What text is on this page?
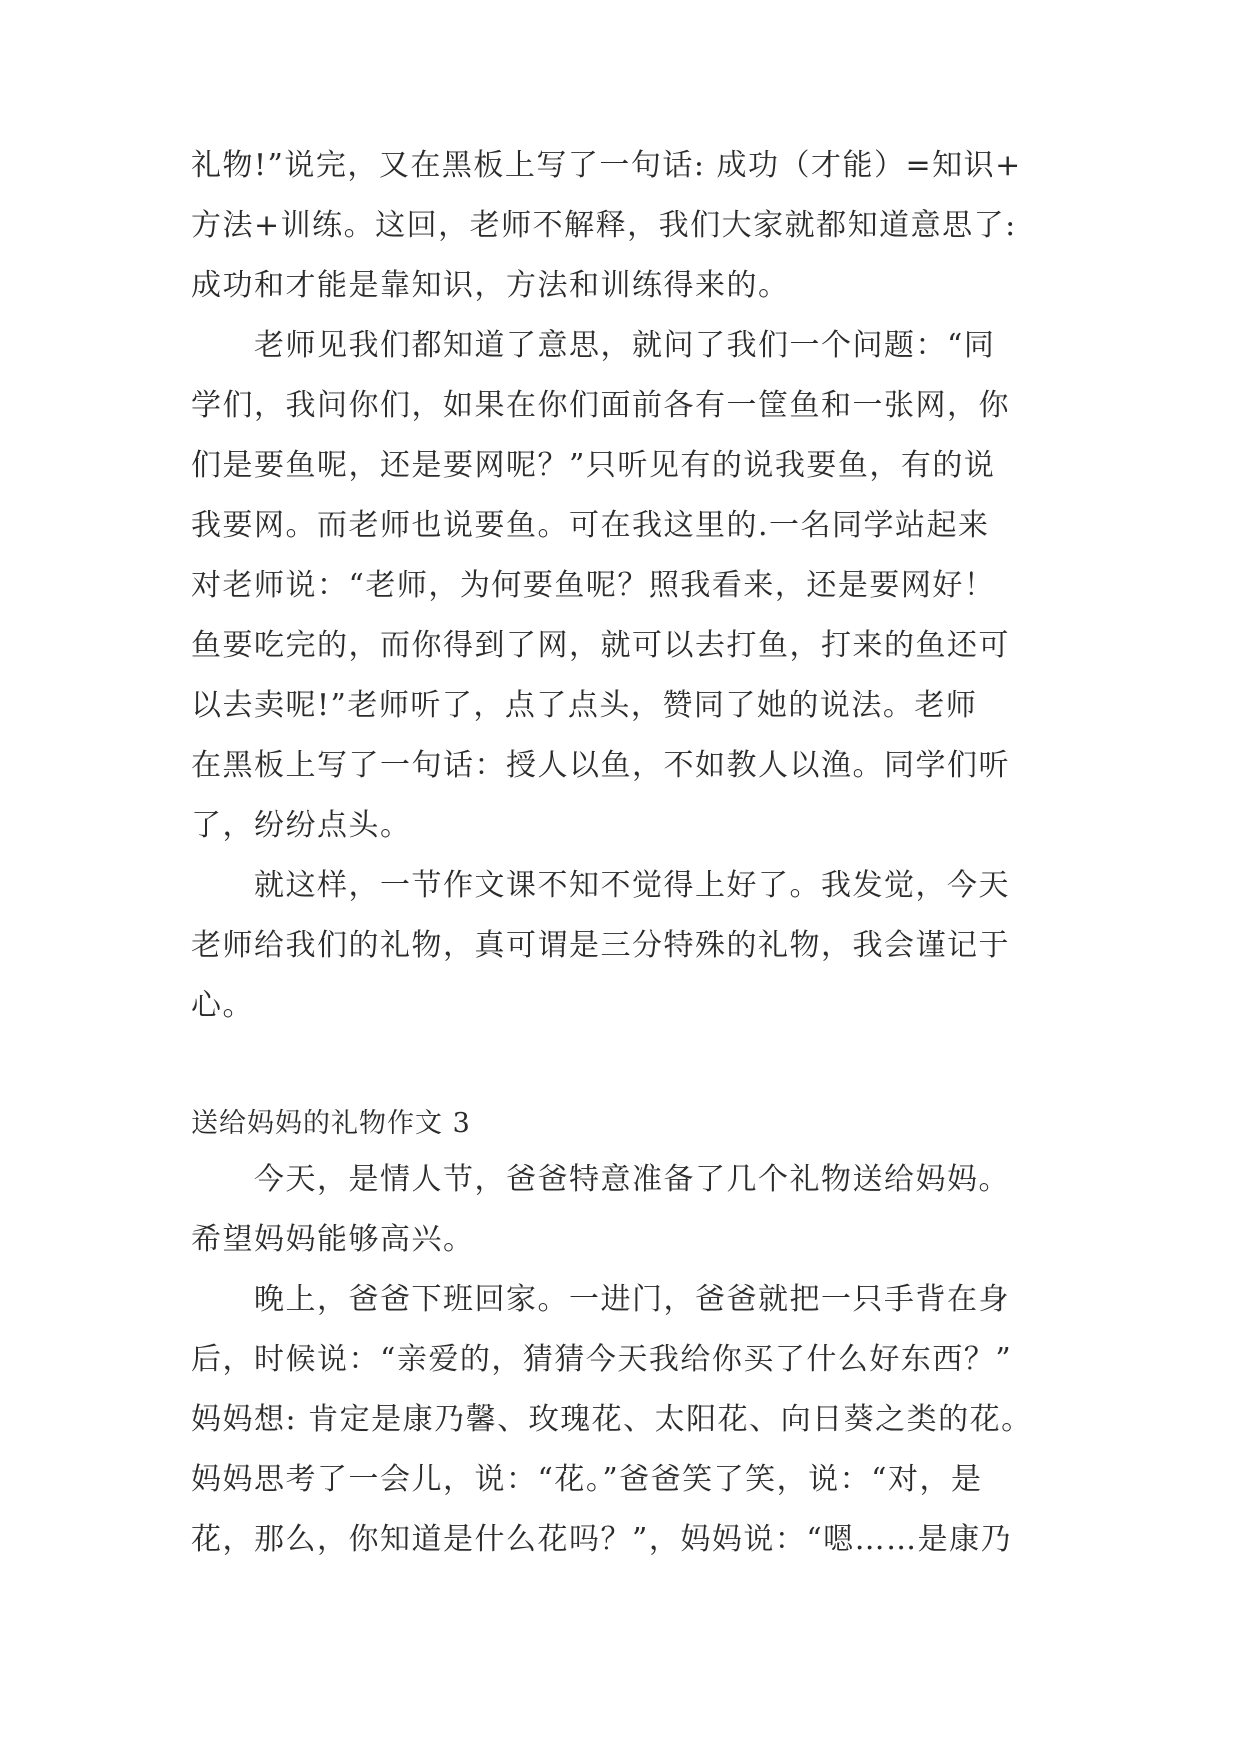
礼物!”说完，又在黑板上写了一句话: 成功（才能）=知识+
方法+训练。这回，老师不解释，我们大家就都知道意思了:
成功和才能是靠知识，方法和训练得来的。
老师见我们都知道了意思，就问了我们一个问题：“同
学们，我问你们，如果在你们面前各有一筐鱼和一张网，你
们是要鱼呢，还是要网呢？”只听见有的说我要鱼，有的说
我要网。而老师也说要鱼。可在我这里的.一名同学站起来
对老师说：“老师，为何要鱼呢？照我看来，还是要网好！
鱼要吃完的，而你得到了网，就可以去打鱼，打来的鱼还可
以去卖呢!”老师听了，点了点头，赞同了她的说法。老师
在黑板上写了一句话：授人以鱼，不如教人以渔。同学们听
了，纷纷点头。
就这样，一节作文课不知不觉得上好了。我发觉，今天
老师给我们的礼物，真可谓是三分特殊的礼物，我会谨记于
心。
送给妈妈的礼物作文 3
今天，是情人节，爸爸特意准备了几个礼物送给妈妈。
希望妈妈能够高兴。
晚上，爸爸下班回家。一进门，爸爸就把一只手背在身
后，时候说：“亲爱的，猜猜今天我给你买了什么好东西？”
妈妈想: 肯定是康乃馨、玫瑰花、太阳花、向日葵之类的花。
妈妈思考了一会儿，说：“花。”爸爸笑了笑，说：“对，是
花，那么，你知道是什么花吗？”，妈妈说：“嗯……是康乃
